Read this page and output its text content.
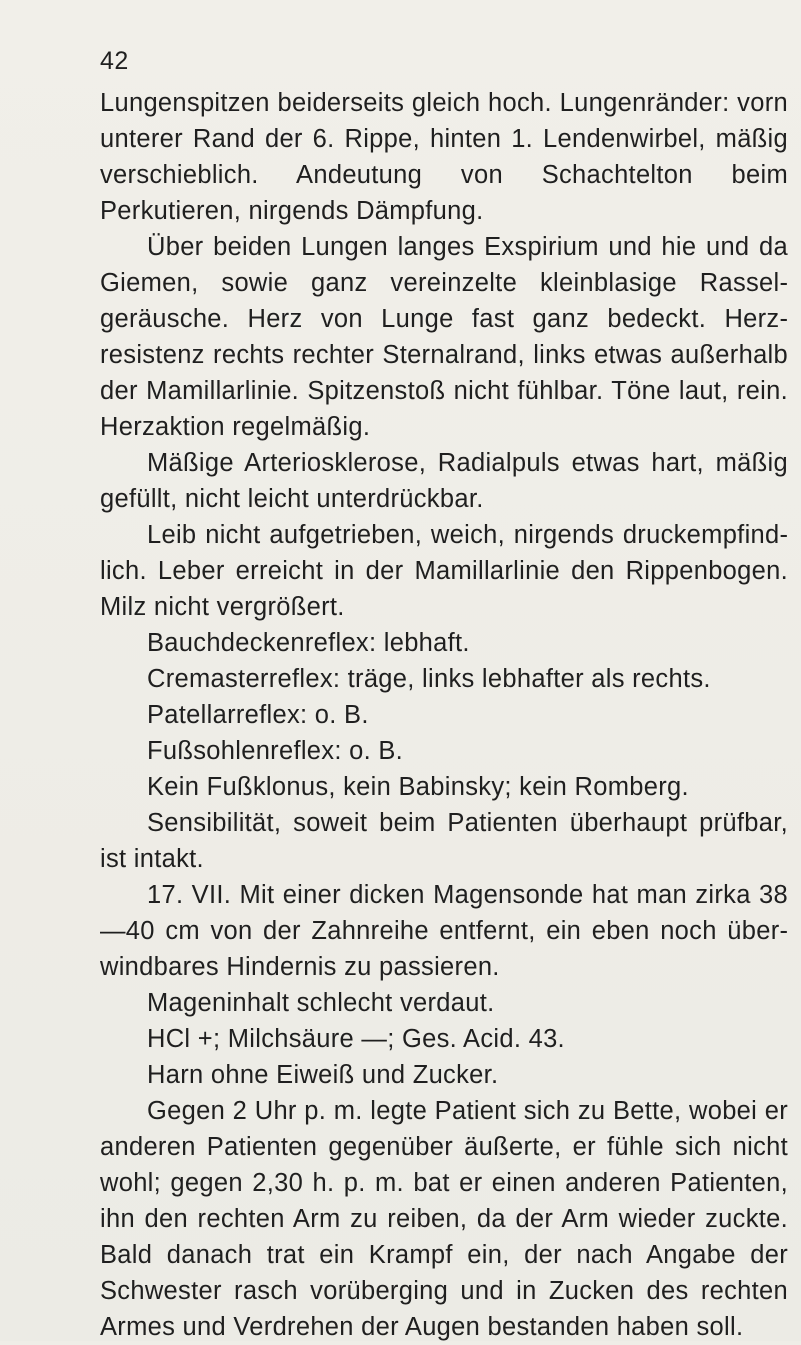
42

Lungenspitzen beiderseits gleich hoch. Lungenränder: vorn unterer Rand der 6. Rippe, hinten 1. Lendenwirbel, mäßig verschieblich. Andeutung von Schachtelton beim Perkutieren, nirgends Dämpfung.

Über beiden Lungen langes Exspirium und hie und da Giemen, sowie ganz vereinzelte kleinblasige Rasselgeräusche. Herz von Lunge fast ganz bedeckt. Herzresistenz rechts rechter Sternalrand, links etwas außerhalb der Mamillarlinie. Spitzenstoß nicht fühlbar. Töne laut, rein. Herzaktion regelmäßig.

Mäßige Arteriosklerose, Radialpuls etwas hart, mäßig gefüllt, nicht leicht unterdrückbar.

Leib nicht aufgetrieben, weich, nirgends druckempfindlich. Leber erreicht in der Mamillarlinie den Rippenbogen. Milz nicht vergrößert.

Bauchdeckenreflex: lebhaft.

Cremasterreflex: träge, links lebhafter als rechts.

Patellarreflex: o. B.

Fußsohlenreflex: o. B.

Kein Fußklonus, kein Babinsky; kein Romberg.

Sensibilität, soweit beim Patienten überhaupt prüfbar, ist intakt.

17. VII. Mit einer dicken Magensonde hat man zirka 38—40 cm von der Zahnreihe entfernt, ein eben noch überwindbares Hindernis zu passieren.

Mageninhalt schlecht verdaut.

HCl +; Milchsäure —; Ges. Acid. 43.

Harn ohne Eiweiß und Zucker.

Gegen 2 Uhr p. m. legte Patient sich zu Bette, wobei er anderen Patienten gegenüber äußerte, er fühle sich nicht wohl; gegen 2,30 h. p. m. bat er einen anderen Patienten, ihn den rechten Arm zu reiben, da der Arm wieder zuckte. Bald danach trat ein Krampf ein, der nach Angabe der Schwester rasch vorüberging und in Zucken des rechten Armes und Verdrehen der Augen bestanden haben soll.
